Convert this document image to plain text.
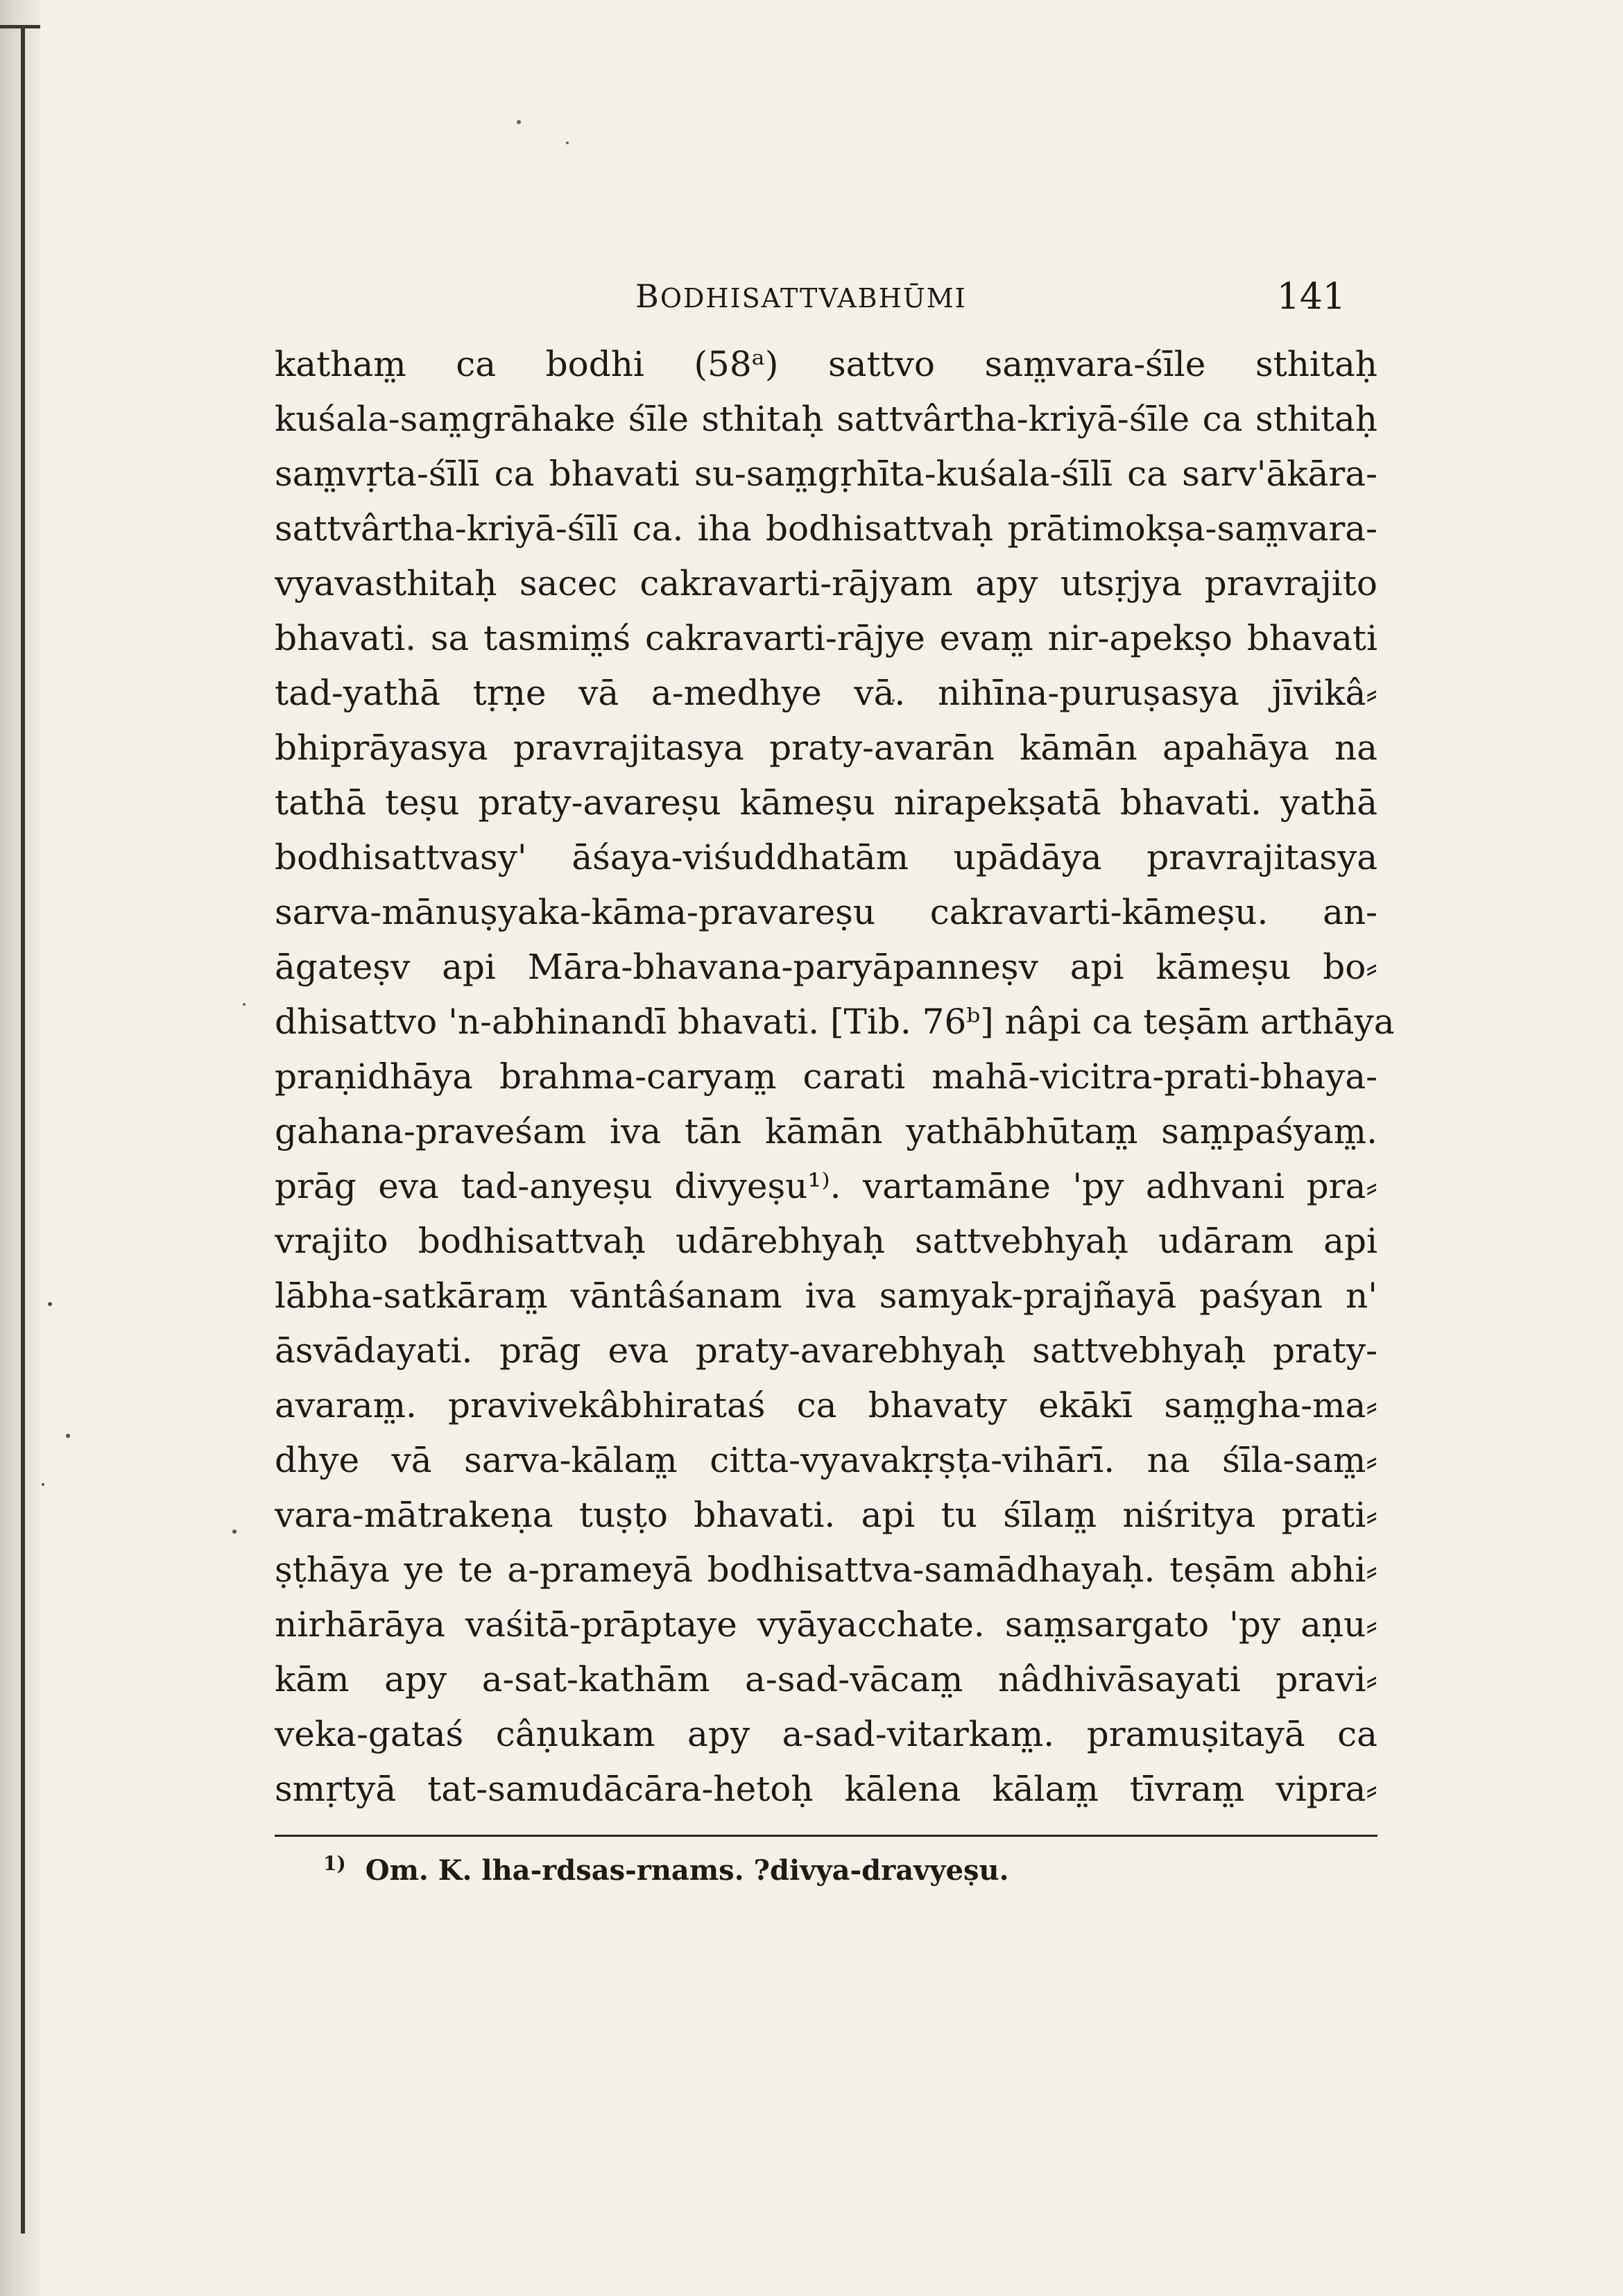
BODHISATTVABHŪMI	141
katham̤ ca bodhi (58ᵃ) sattvo sam̤vara-śīle sthitaḥ
kuśala-sam̤grāhake śīle sthitaḥ sattvârtha-kriyā-śīle ca sthitaḥ
sam̤vṛta-śīlī ca bhavati su-sam̤gṛhīta-kuśala-śīlī ca sarv'ākāra-
sattvârtha-kriyā-śīlī ca. iha bodhisattvaḥ prātimokṣa-sam̤vara-
vyavasthitaḥ sacec cakravarti-rājyam apy utsṛjya pravrajito
bhavati. sa tasmim̤ś cakravarti-rājye evam̤ nir-apekṣo bhavati
tad-yathā tṛṇe vā a-medhye vā. nihīna-puruṣasya jīvikâ⸗
bhiprāyasya pravrajitasya praty-avarān kāmān apahāya na
tathā teṣu praty-avareṣu kāmeṣu nirapekṣatā bhavati. yathā
bodhisattvasy' āśaya-viśuddhatām upādāya pravrajitasya
sarva-mānuṣyaka-kāma-pravareṣu cakravarti-kāmeṣu. an-
āgateṣv api Māra-bhavana-paryāpanneṣv api kāmeṣu bo⸗
dhisattvo 'n-abhinandī bhavati. [Tib. 76ᵇ] nâpi ca teṣām arthāya
praṇidhāya brahma-caryam̤ carati mahā-vicitra-prati-bhaya-
gahana-praveśam iva tān kāmān yathābhūtam̤ sam̤paśyam̤.
prāg eva tad-anyeṣu divyeṣu¹⁾. vartamāne 'py adhvani pra⸗
vrajito bodhisattvaḥ udārebhyaḥ sattvebhyaḥ udāram api
lābha-satkāram̤ vāntâśanam iva samyak-prajñayā paśyan n'
āsvādayati. prāg eva praty-avarebhyaḥ sattvebhyaḥ praty-
avaram̤. pravivekâbhirataś ca bhavaty ekākī sam̤gha-ma⸗
dhye vā sarva-kālam̤ citta-vyavakṛṣṭa-vihārī. na śīla-sam̤⸗
vara-mātrakeṇa tuṣṭo bhavati. api tu śīlam̤ niśritya prati⸗
ṣṭhāya ye te a-prameyā bodhisattva-samādhayaḥ. teṣām abhi⸗
nirhārāya vaśitā-prāptaye vyāyacchate. sam̤sargato 'py aṇu⸗
kām apy a-sat-kathām a-sad-vācam̤ nâdhivāsayati pravi⸗
veka-gataś câṇukam apy a-sad-vitarkam̤. pramuṣitayā ca
smṛtyā tat-samudācāra-hetoḥ kālena kālam̤ tīvram̤ vipra⸗
$^{1)}$ Om. K. lha-rdsas-rnams. ?divya-dravyeṣu.
